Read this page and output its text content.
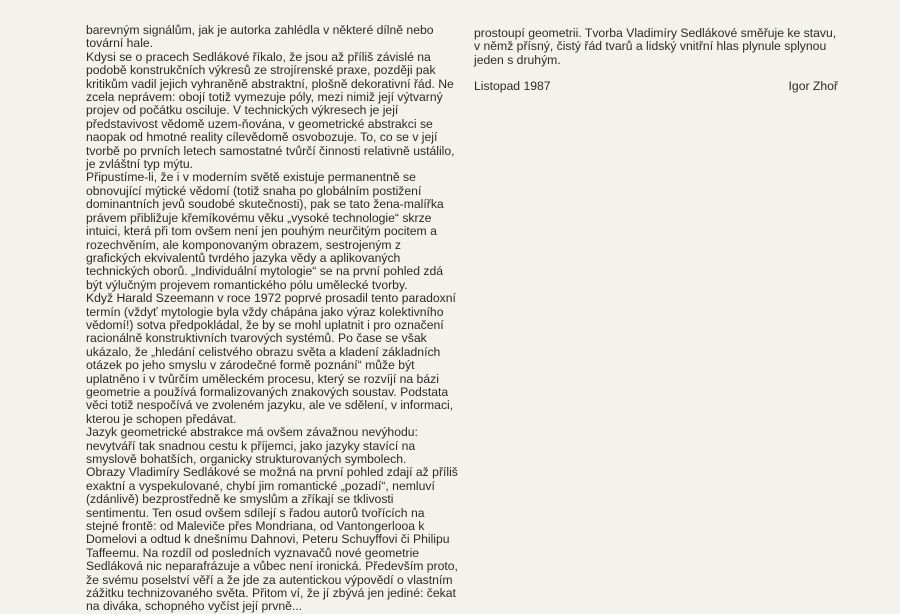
barevným signálům, jak je autorka zahlédla v některé dílně nebo tovární hale.

Kdysi se o pracech Sedlákové říkalo, že jsou až příliš závislé na podobě konstrukčních výkresů ze strojírenské praxe, později pak kritikům vadil jejich vyhraněně abstraktní, plošně dekorativní řád. Ne zcela neprávem: obojí totiž vymezuje póly, mezi nimiž její výtvarný projev od počátku osciluje. V technických výkresech je její představivost vědomě uzem-ňována, v geometrické abstrakci se naopak od hmotné reality cílevědomě osvobozuje. To, co se v její tvorbě po prvních letech samostatné tvůrčí činnosti relativně ustálilo, je zvláštní typ mýtu.

Připustíme-li, že i v moderním světě existuje permanentně se obnovující mýtické vědomí (totiž snaha po globálním postižení dominantních jevů soudobé skutečnosti), pak se tato žena-malířka právem přibližuje křemíkovému věku „vysoké technologie“ skrze intuici, která při tom ovšem není jen pouhým neurčitým pocitem a rozechvěním, ale komponovaným obrazem, sestrojeným z grafických ekvivalentů tvrdého jazyka vědy a aplikovaných technických oborů. „Individuální mytologie“ se na první pohled zdá být výlučným projevem romantického pólu umělecké tvorby.

Když Harald Szeemann v roce 1972 poprvé prosadil tento paradoxní termín (vždyť mytologie byla vždy chápána jako výraz kolektivního vědomí!) sotva předpokládal, že by se mohl uplatnit i pro označení racionálně konstruktivních tvarových systémů. Po čase se však ukázalo, že „hledání celistvého obrazu světa a kladení základních otázek po jeho smyslu v zárodečné formě poznání“ může být uplatněno i v tvůrčím uměleckém procesu, který se rozvíjí na bázi geometrie a používá formalizovaných znakových soustav. Podstata věci totiž nespočívá ve zvoleném jazyku, ale ve sdělení, v informaci, kterou je schopen předávat.

Jazyk geometrické abstrakce má ovšem závažnou nevýhodu: nevytváří tak snadnou cestu k příjemci, jako jazyky stavící na smyslově bohatších, organicky strukturovaných symbolech.

Obrazy Vladimíry Sedlákové se možná na první pohled zdají až příliš exaktní a vyspekulované, chybí jim romantické „pozadí“, nemluví (zdánlivě) bezprostředně ke smyslům a zříkají se tklivosti sentimentu. Ten osud ovšem sdílejí s řadou autorů tvořících na stejné frontě: od Maleviče přes Mondriana, od Vantongerlooa k Domelovi a odtud k dnešnímu Dahnovi, Peteru Schuyffovi či Philipu Taffeemu. Na rozdíl od posledních vyznavačů nové geometrie Sedláková nic neparafrázuje a vůbec není ironická. Především proto, že svému poselství věří a že jde za autentickou výpovědí o vlastním zážitku technizovaného světa. Přitom ví, že jí zbývá jen jediné: čekat na diváka, schopného vyčíst její prvně...

prostoupí geometrii. Tvorba Vladimíry Sedlákové směřuje ke stavu, v němž přísný, čistý řád tvarů a lidský vnitřní hlas plynule splynou jeden s druhým.

Listopad 1987	Igor Zhoř
